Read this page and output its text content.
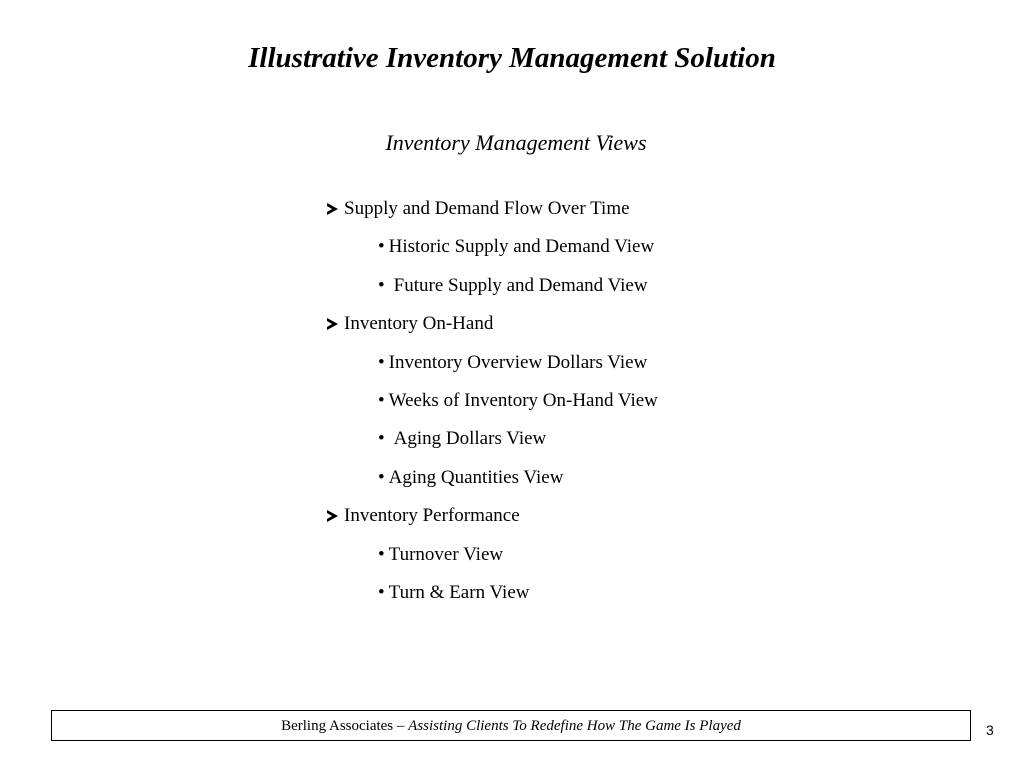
Illustrative Inventory Management Solution
Inventory Management Views
Supply and Demand Flow Over Time
• Historic Supply and Demand View
• Future Supply and Demand View
Inventory On-Hand
• Inventory Overview Dollars View
• Weeks of Inventory On-Hand View
• Aging Dollars View
• Aging Quantities View
Inventory Performance
• Turnover View
• Turn & Earn View
Berling Associates – Assisting Clients To Redefine How The Game Is Played	3
